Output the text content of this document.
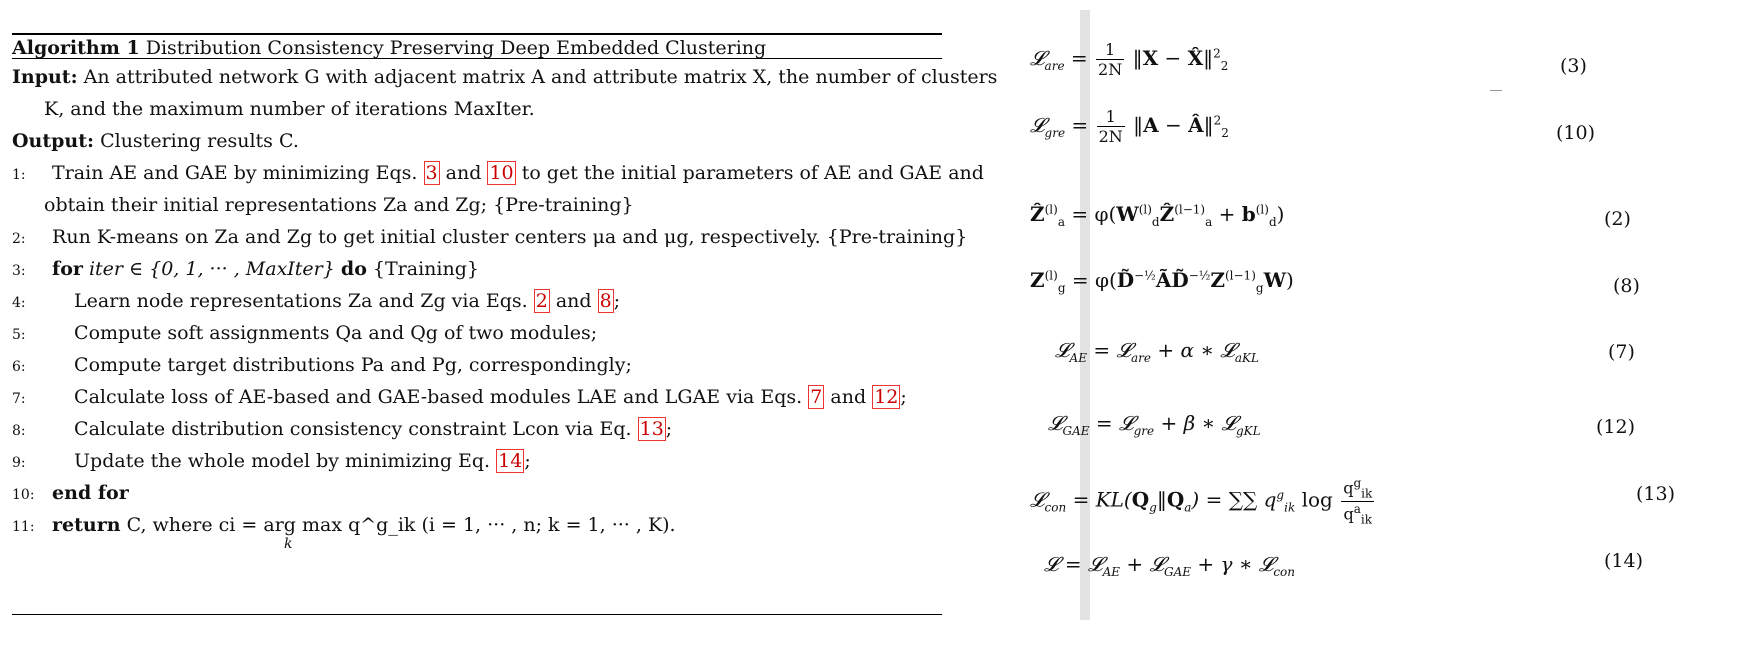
Algorithm 1 Distribution Consistency Preserving Deep Embedded Clustering
Input: An attributed network G with adjacent matrix A and attribute matrix X, the number of clusters
K, and the maximum number of iterations MaxIter.
Output: Clustering results C.
1: Train AE and GAE by minimizing Eqs. 3 and 10 to get the initial parameters of AE and GAE and
obtain their initial representations Za and Zg; {Pre-training}
2: Run K-means on Za and Zg to get initial cluster centers μa and μg, respectively. {Pre-training}
3: for iter ∈ {0, 1, ··· , MaxIter} do {Training}
4:	Learn node representations Za and Zg via Eqs. 2 and 8 ;
5:	Compute soft assignments Qa and Qg of two modules;
6:	Compute target distributions Pa and Pg, correspondingly;
7:	Calculate loss of AE-based and GAE-based modules LAE and LGAE via Eqs. 7 and 12 ;
8:	Calculate distribution consistency constraint Lcon via Eq. 13 ;
9:	Update the whole model by minimizing Eq. 14 ;
10: end for
11: return C, where ci = arg max q^g_ik (i = 1, ··· , n; k = 1, ··· , K).
k
𝓛$_{are}$ = $\frac{1}{2N}$ ‖X − X̂‖$^2_2$	(3)
𝓛$_{gre}$ = $\frac{1}{2N}$ ‖A − Â‖$^2_2$	(10)
Ẑ$^{(l)}_a$ = $\varphi(W^{(l)}_dẐ^{(l-1)}_a + b^{(l)}_d)$	(2)
$Z^{(l)}_g$ = $\varphi(D̃^{-\frac{1}{2}}ÃD̃^{-\frac{1}{2}}Z^{(l-1)}_gW)$	(8)
𝓛$_{AE}$ = 𝓛$_{are}$ + α ∗ 𝓛$_{aKL}$	(7)
𝓛$_{GAE}$ = 𝓛$_{gre}$ + β ∗ 𝓛$_{gKL}$	(12)
𝓛$_{con}$ = $KL(Q_g‖Q_a)$ = ∑∑ $q^g_{ik}$ $\log \frac{q^g_{ik}}{q^a_{ik}}$	(13)
𝓛 = 𝓛$_{AE}$ + 𝓛$_{GAE}$ + γ ∗ 𝓛$_{con}$	(14)
